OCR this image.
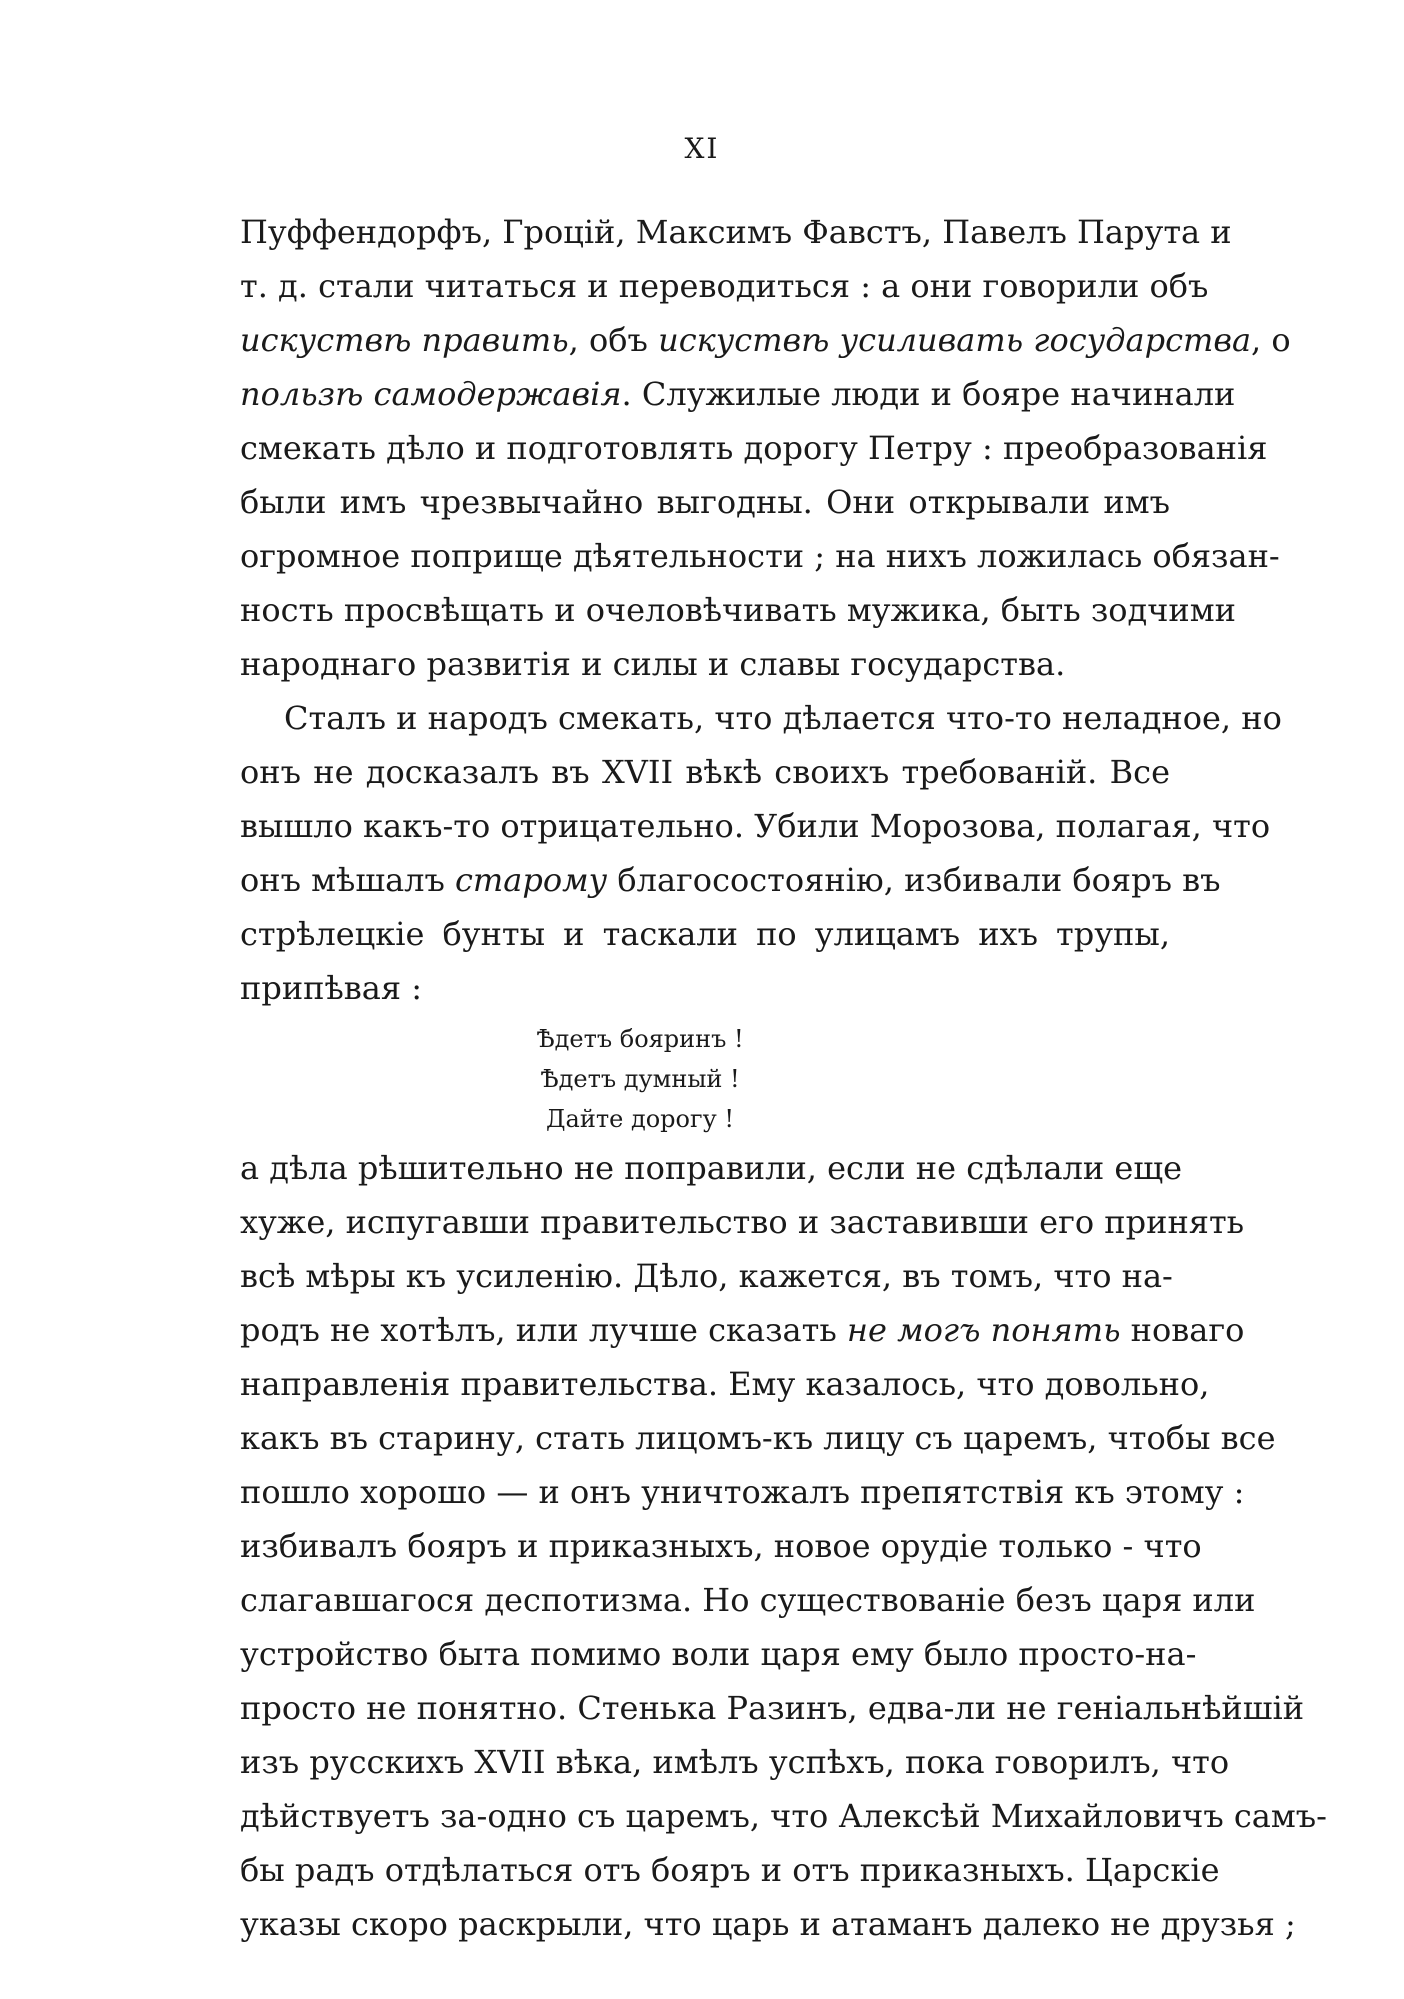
XI
Пуффендорфъ, Гроцій, Максимъ Фавстъ, Павелъ Парута и
т. д. стали читаться и переводиться : а они говорили объ
искуствѣ править, объ искуствѣ усиливать государства, о
пользѣ самодержавія. Служилые люди и бояре начинали
смекать дѣло и подготовлять дорогу Петру : преобразованія
были имъ чрезвычайно выгодны. Они открывали имъ
огромное поприще дѣятельности ; на нихъ ложилась обязан-
ность просвѣщать и очеловѣчивать мужика, быть зодчими
народнаго развитія и силы и славы государства.
Сталъ и народъ смекать, что дѣлается что-то неладное, но
онъ не досказалъ въ XVII вѣкѣ своихъ требованій. Все
вышло какъ-то отрицательно. Убили Морозова, полагая, что
онъ мѣшалъ старому благосостоянію, избивали бояръ въ
стрѣлецкіе бунты и таскали по улицамъ ихъ трупы,
припѣвая :
Ѣдетъ бояринъ !
Ѣдетъ думный !
Дайте дорогу !
а дѣла рѣшительно не поправили, если не сдѣлали еще
хуже, испугавши правительство и заставивши его принять
всѣ мѣры къ усиленію. Дѣло, кажется, въ томъ, что на-
родъ не хотѣлъ, или лучше сказать не могъ понять новаго
направленія правительства. Ему казалось, что довольно,
какъ въ старину, стать лицомъ-къ лицу съ царемъ, чтобы все
пошло хорошо — и онъ уничтожалъ препятствія къ этому :
избивалъ бояръ и приказныхъ, новое орудіе только - что
слагавшагося деспотизма. Но существованіе безъ царя или
устройство быта помимо воли царя ему было просто-на-
просто не понятно. Стенька Разинъ, едва-ли не геніальнѣйшій
изъ русскихъ XVII вѣка, имѣлъ успѣхъ, пока говорилъ, что
дѣйствуетъ за-одно съ царемъ, что Алексѣй Михайловичъ самъ-
бы радъ отдѣлаться отъ бояръ и отъ приказныхъ. Царскіе
указы скоро раскрыли, что царь и атаманъ далеко не друзья ;
